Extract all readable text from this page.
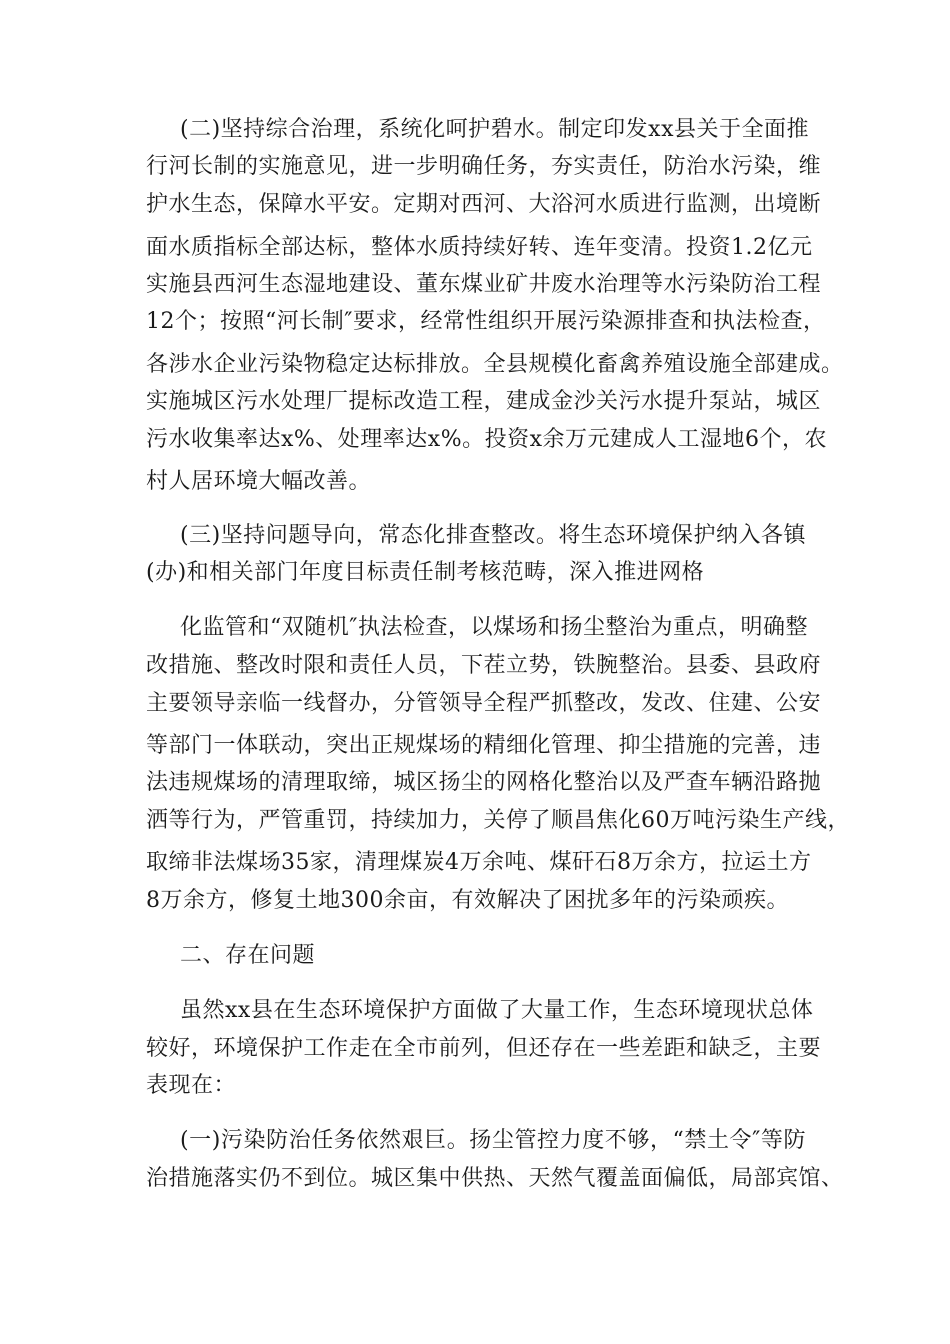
(二)坚持综合治理，系统化呵护碧水。制定印发xx县关于全面推
行河长制的实施意见，进一步明确任务，夯实责任，防治水污染，维
护水生态，保障水平安。定期对西河、大浴河水质进行监测，出境断
面水质指标全部达标，整体水质持续好转、连年变清。投资1.2亿元
实施县西河生态湿地建设、董东煤业矿井废水治理等水污染防治工程
12个；按照“河长制″要求，经常性组织开展污染源排查和执法检查，
各涉水企业污染物稳定达标排放。全县规模化畜禽养殖设施全部建成。
实施城区污水处理厂提标改造工程，建成金沙关污水提升泵站，城区
污水收集率达x%、处理率达x%。投资x余万元建成人工湿地6个，农
村人居环境大幅改善。
(三)坚持问题导向，常态化排查整改。将生态环境保护纳入各镇
(办)和相关部门年度目标责任制考核范畴，深入推进网格
化监管和“双随机″执法检查，以煤场和扬尘整治为重点，明确整
改措施、整改时限和责任人员，下茬立势，铁腕整治。县委、县政府
主要领导亲临一线督办，分管领导全程严抓整改，发改、住建、公安
等部门一体联动，突出正规煤场的精细化管理、抑尘措施的完善，违
法违规煤场的清理取缔，城区扬尘的网格化整治以及严查车辆沿路抛
洒等行为，严管重罚，持续加力，关停了顺昌焦化60万吨污染生产线，
取缔非法煤场35家，清理煤炭4万余吨、煤矸石8万余方，拉运土方
8万余方，修复土地300余亩，有效解决了困扰多年的污染顽疾。
二、存在问题
虽然xx县在生态环境保护方面做了大量工作，生态环境现状总体
较好，环境保护工作走在全市前列，但还存在一些差距和缺乏，主要
表现在：
(一)污染防治任务依然艰巨。扬尘管控力度不够，“禁土令″等防
治措施落实仍不到位。城区集中供热、天然气覆盖面偏低，局部宾馆、
